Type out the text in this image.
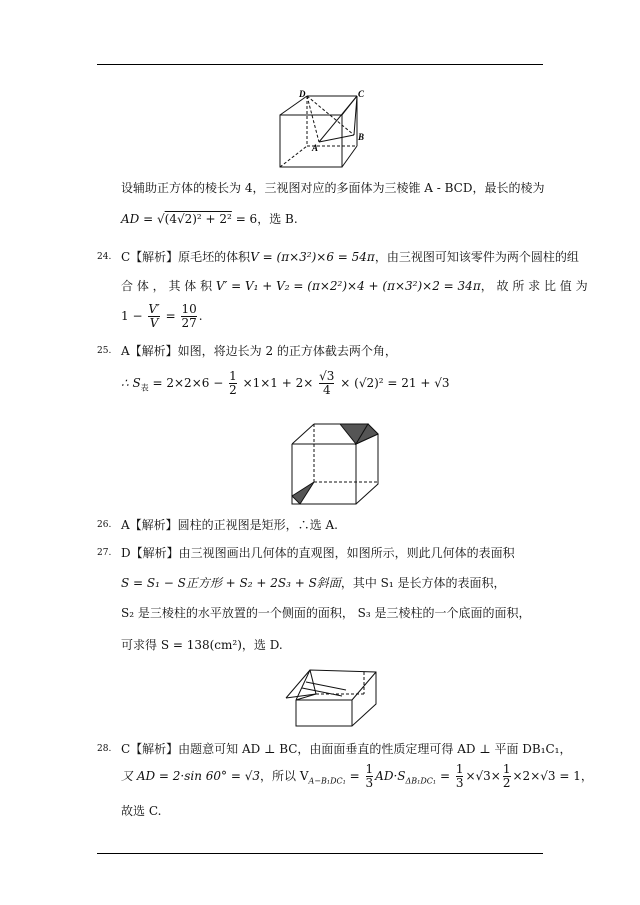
D	C
A
B
设辅助正方体的棱长为 4，三视图对应的多面体为三棱锥 A - BCD，最长的棱为
AD = √(4√2)² + 2² = 6，选 B.
24. C【解析】原毛坯的体积V = (π×3²)×6 = 54π，由三视图可知该零件为两个圆柱的组
合 体 ， 其 体 积 V′ = V₁ + V₂ = (π×2²)×4 + (π×3²)×2 = 34π， 故 所 求 比 值 为
$1 - \frac{V'}{V} = \frac{10}{27}$ .
25. A【解析】如图，将边长为 2 的正方体截去两个角，
∴ $S_表 = 2\times 2\times 6 - \frac{1}{2} \times 1\times 1 + 2\times \frac{√3}{4} \times (√2)^2 = 21 + √3$
26. A【解析】圆柱的正视图是矩形，∴选 A.
27. D【解析】由三视图画出几何体的直观图，如图所示，则此几何体的表面积
S = S₁ − S正方形 + S₂ + 2S₃ + S斜面，其中 S₁ 是长方体的表面积，
S₂ 是三棱柱的水平放置的一个侧面的面积， S₃ 是三棱柱的一个底面的面积，
可求得 S = 138(cm²)，选 D.
28. C【解析】由题意可知 AD ⊥ BC，由面面垂直的性质定理可得 AD ⊥ 平面 DB₁C₁，
又 AD = 2·sin 60° = √3，所以 $V_{A-B_1DC_1} = \frac{1}{3} AD\cdot S_{\Delta B_1DC_1} = \frac{1}{3} \times√3\times \frac{1}{2} \times 2\times√3 = 1$，
故选 C.
